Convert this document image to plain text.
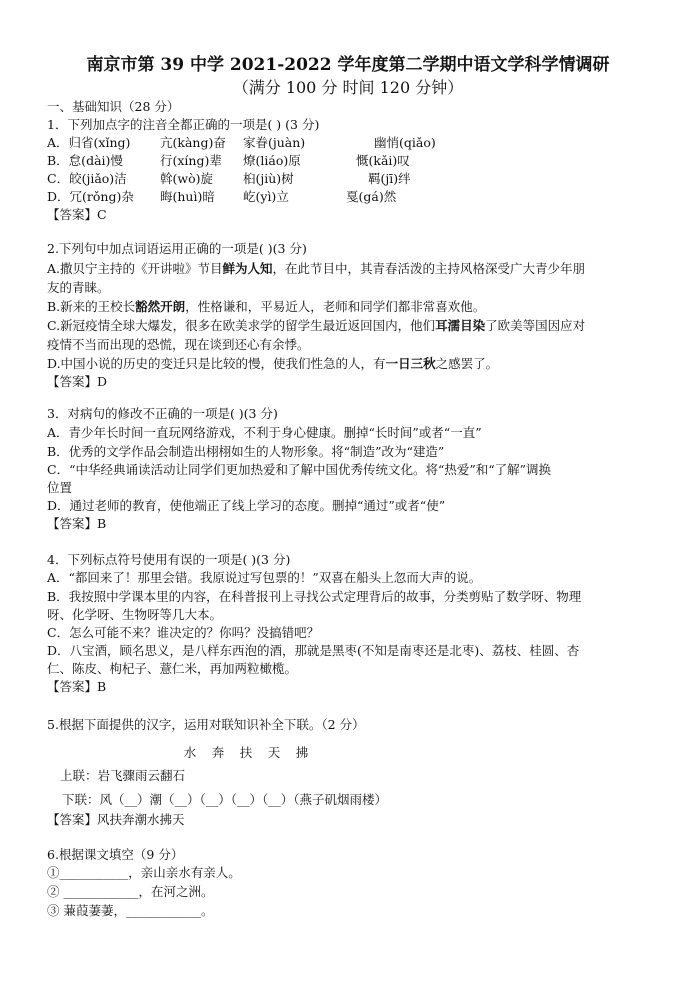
南京市第 39 中学 2021-2022 学年度第二学期中语文学科学情调研
（满分 100 分 时间 120 分钟）
一、基础知识（28 分）
1．下列加点字的注音全都正确的一项是( ) (3 分)
A．归省(xǐng) 亢(kàng)奋 家眷(juàn)	幽悄(qiǎo)
B．怠(dài)慢	行(xíng)辈 燎(liáo)原	慨(kǎi)叹
C．皎(jiǎo)洁	斡(wò)旋 桕(jiù)树	羁(jī)绊
D．冗(rǒng)杂 晦(huì)暗 屹(yì)立	戛(gá)然
【答案】C
2.下列句中加点词语运用正确的一项是( )(3 分)
A.撒贝宁主持的《开讲啦》节目鲜为人知，在此节目中，其青春活泼的主持风格深受广大青少年朋
友的青睐。
B.新来的王校长豁然开朗，性格谦和，平易近人，老师和同学们都非常喜欢他。
C.新冠疫情全球大爆发，很多在欧美求学的留学生最近返回国内，他们耳濡目染了欧美等国因应对
疫情不当而出现的恐慌，现在谈到还心有余悸。
D.中国小说的历史的变迁只是比较的慢，使我们性急的人，有一日三秋之感罢了。
【答案】D
3．对病句的修改不正确的一项是( )(3 分)
A．青少年长时间一直玩网络游戏，不利于身心健康。删掉“长时间”或者“一直”
B．优秀的文学作品会制造出栩栩如生的人物形象。将“制造”改为“建造”
C．“中华经典诵读活动让同学们更加热爱和了解中国优秀传统文化。将“热爱”和“了解”调换
位置
D．通过老师的教育，使他端正了线上学习的态度。删掉“通过”或者“使”
【答案】B
4．下列标点符号使用有误的一项是( )(3 分)
A．“都回来了！那里会错。我原说过写包票的！”双喜在船头上忽而大声的说。
B．我按照中学课本里的内容，在科普报刊上寻找公式定理背后的故事，分类剪贴了数学呀、物理
呀、化学呀、生物呀等几大本。
C．怎么可能不来？谁决定的？你吗？没搞错吧？
D．八宝酒，顾名思义，是八样东西泡的酒，那就是黑枣(不知是南枣还是北枣)、荔枝、桂圆、杏
仁、陈皮、枸杞子、薏仁米，再加两粒橄榄。
【答案】B
5.根据下面提供的汉字，运用对联知识补全下联。（2 分）
水 奔 扶 天 拂
上联：岩飞骤雨云翻石
下联：风（__）潮（__）（__）（__）（__）（燕子矶烟雨楼）
【答案】风扶奔潮水拂天
6.根据课文填空（9 分）
①___________，亲山亲水有亲人。
② ____________，在河之洲。
③ 蒹葭萋萋，____________。
